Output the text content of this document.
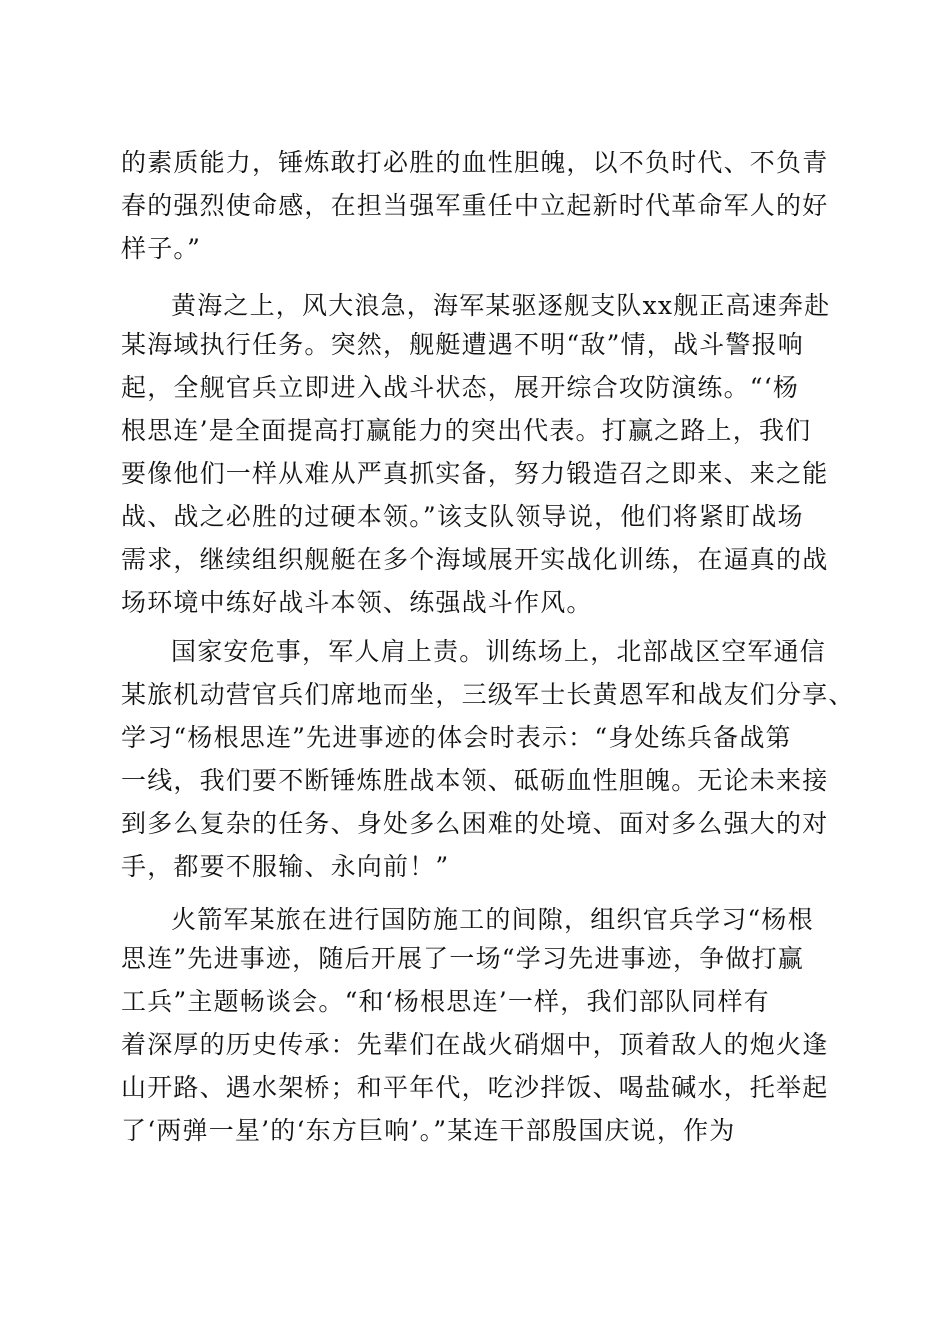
的素质能力，锤炼敢打必胜的血性胆魄，以不负时代、不负青
春的强烈使命感，在担当强军重任中立起新时代革命军人的好
样子。”
黄海之上，风大浪急，海军某驱逐舰支队xx舰正高速奔赴
某海域执行任务。突然，舰艇遭遇不明“敌”情，战斗警报响
起，全舰官兵立即进入战斗状态，展开综合攻防演练。“‘杨
根思连’是全面提高打赢能力的突出代表。打赢之路上，我们
要像他们一样从难从严真抓实备，努力锻造召之即来、来之能
战、战之必胜的过硬本领。”该支队领导说，他们将紧盯战场
需求，继续组织舰艇在多个海域展开实战化训练，在逼真的战
场环境中练好战斗本领、练强战斗作风。
国家安危事，军人肩上责。训练场上，北部战区空军通信
某旅机动营官兵们席地而坐，三级军士长黄恩军和战友们分享、
学习“杨根思连”先进事迹的体会时表示：“身处练兵备战第
一线，我们要不断锤炼胜战本领、砥砺血性胆魄。无论未来接
到多么复杂的任务、身处多么困难的处境、面对多么强大的对
手，都要不服输、永向前！”
火箭军某旅在进行国防施工的间隙，组织官兵学习“杨根
思连”先进事迹，随后开展了一场“学习先进事迹，争做打赢
工兵”主题畅谈会。“和‘杨根思连’一样，我们部队同样有
着深厚的历史传承：先辈们在战火硝烟中，顶着敌人的炮火逢
山开路、遇水架桥；和平年代，吃沙拌饭、喝盐碱水，托举起
了‘两弹一星’的‘东方巨响’。”某连干部殷国庆说，作为
